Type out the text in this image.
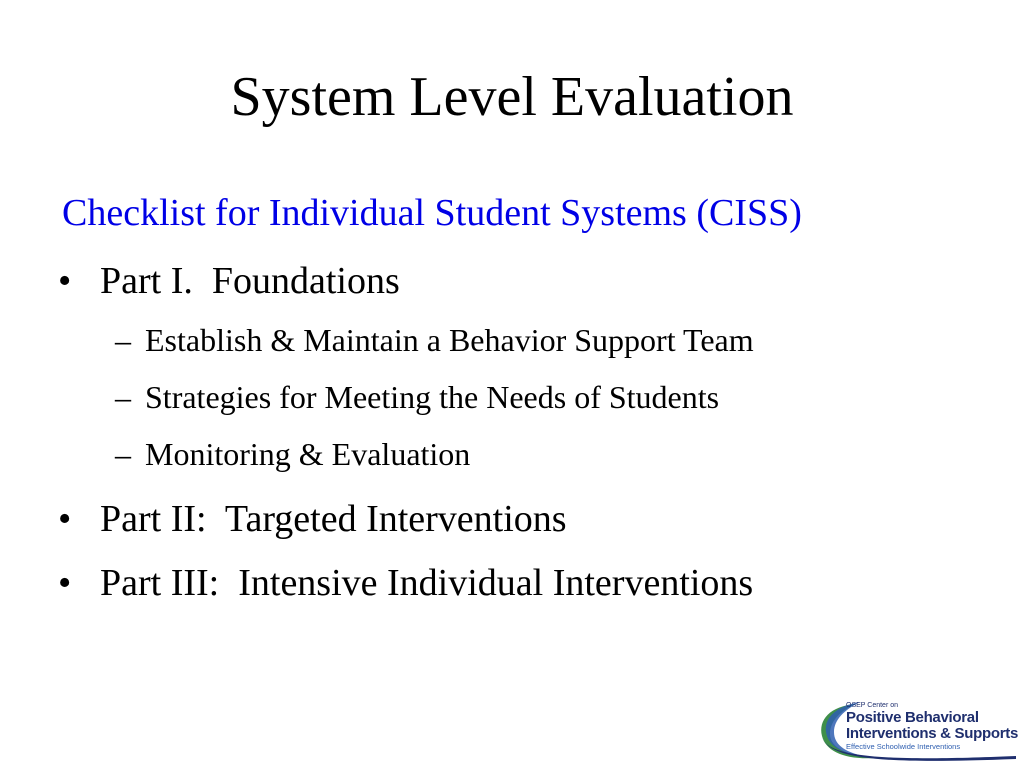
System Level Evaluation
Checklist for Individual Student Systems (CISS)
• Part I.  Foundations
– Establish & Maintain a Behavior Support Team
– Strategies for Meeting the Needs of Students
– Monitoring & Evaluation
• Part II:  Targeted Interventions
• Part III:  Intensive Individual Interventions
OSEP Center on
Positive Behavioral
Interventions & Supports
Effective Schoolwide Interventions
